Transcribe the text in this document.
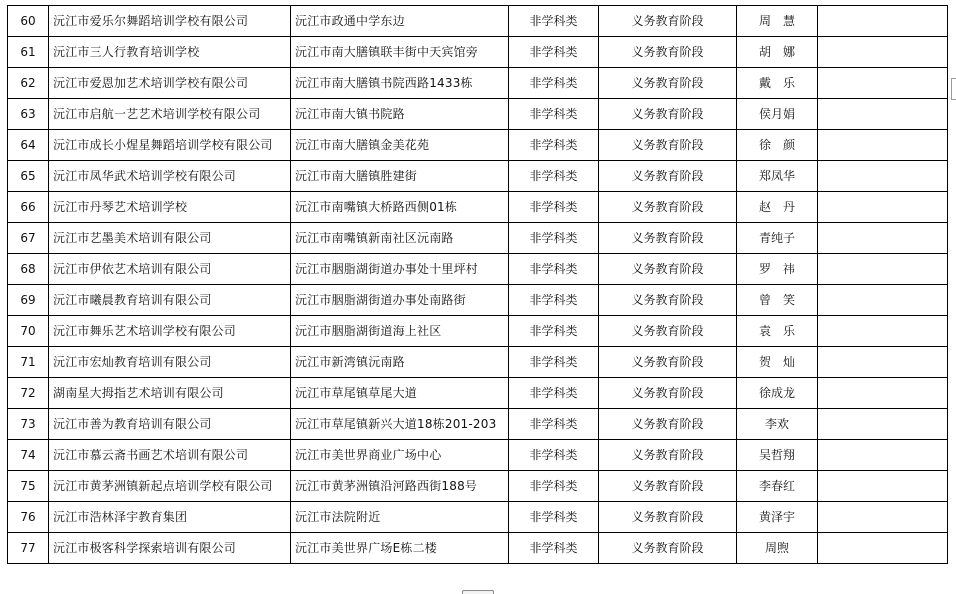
60	沅江市爱乐尔舞蹈培训学校有限公司	沅江市政通中学东边	非学科类	义务教育阶段	周　慧	
61	沅江市三人行教育培训学校	沅江市南大膳镇联丰街中天宾馆旁	非学科类	义务教育阶段	胡　娜	
62	沅江市爱恩加艺术培训学校有限公司	沅江市南大膳镇书院西路1433栋	非学科类	义务教育阶段	戴　乐	
63	沅江市启航一艺艺术培训学校有限公司	沅江市南大镇书院路	非学科类	义务教育阶段	侯月娟	
64	沅江市成长小煋星舞蹈培训学校有限公司	沅江市南大膳镇金美花苑	非学科类	义务教育阶段	徐　颜	
65	沅江市凤华武术培训学校有限公司	沅江市南大膳镇胜建街	非学科类	义务教育阶段	郑凤华	
66	沅江市丹琴艺术培训学校	沅江市南嘴镇大桥路西侧01栋	非学科类	义务教育阶段	赵　丹	
67	沅江市艺墨美术培训有限公司	沅江市南嘴镇新南社区沅南路	非学科类	义务教育阶段	青纯子	
68	沅江市伊依艺术培训有限公司	沅江市胭脂湖街道办事处十里坪村	非学科类	义务教育阶段	罗　祎	
69	沅江市曦晨教育培训有限公司	沅江市胭脂湖街道办事处南路街	非学科类	义务教育阶段	曾　笑	
70	沅江市舞乐艺术培训学校有限公司	沅江市胭脂湖街道海上社区	非学科类	义务教育阶段	袁　乐	
71	沅江市宏灿教育培训有限公司	沅江市新湾镇沅南路	非学科类	义务教育阶段	贺　灿	
72	湖南星大拇指艺术培训有限公司	沅江市草尾镇草尾大道	非学科类	义务教育阶段	徐成龙	
73	沅江市善为教育培训有限公司	沅江市草尾镇新兴大道18栋201-203	非学科类	义务教育阶段	李欢	
74	沅江市慕云斋书画艺术培训有限公司	沅江市美世界商业广场中心	非学科类	义务教育阶段	吴哲翔	
75	沅江市黄茅洲镇新起点培训学校有限公司	沅江市黄茅洲镇沿河路西街188号	非学科类	义务教育阶段	李春红	
76	沅江市浩林泽宇教育集团	沅江市法院附近	非学科类	义务教育阶段	黄泽宇	
77	沅江市极客科学探索培训有限公司	沅江市美世界广场E栋二楼	非学科类	义务教育阶段	周煦	
